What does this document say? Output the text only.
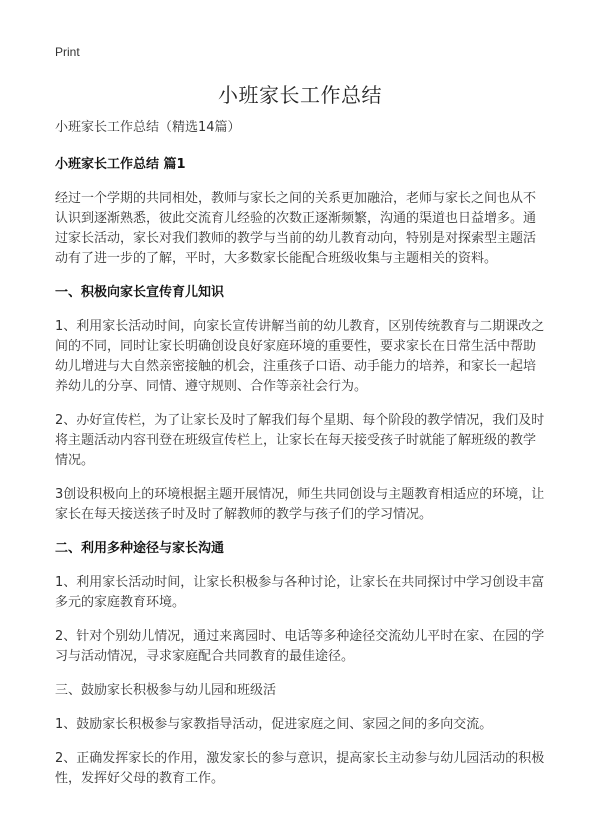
Print
小班家长工作总结

小班家长工作总结（精选14篇）

小班家长工作总结 篇1

经过一个学期的共同相处，教师与家长之间的关系更加融洽，老师与家长之间也从不认识到逐渐熟悉，彼此交流育儿经验的次数正逐渐频繁，沟通的渠道也日益增多。通过家长活动，家长对我们教师的教学与当前的幼儿教育动向，特别是对探索型主题活动有了进一步的了解，平时，大多数家长能配合班级收集与主题相关的资料。

一、积极向家长宣传育儿知识

1、利用家长活动时间，向家长宣传讲解当前的幼儿教育，区别传统教育与二期课改之间的不同，同时让家长明确创设良好家庭环境的重要性，要求家长在日常生活中帮助幼儿增进与大自然亲密接触的机会，注重孩子口语、动手能力的培养，和家长一起培养幼儿的分享、同情、遵守规则、合作等亲社会行为。

2、办好宣传栏，为了让家长及时了解我们每个星期、每个阶段的教学情况，我们及时将主题活动内容刊登在班级宣传栏上，让家长在每天接受孩子时就能了解班级的教学情况。

3创设积极向上的环境根据主题开展情况，师生共同创设与主题教育相适应的环境，让家长在每天接送孩子时及时了解教师的教学与孩子们的学习情况。

二、利用多种途径与家长沟通

1、利用家长活动时间，让家长积极参与各种讨论，让家长在共同探讨中学习创设丰富多元的家庭教育环境。

2、针对个别幼儿情况，通过来离园时、电话等多种途径交流幼儿平时在家、在园的学习与活动情况，寻求家庭配合共同教育的最佳途径。

三、鼓励家长积极参与幼儿园和班级活

1、鼓励家长积极参与家教指导活动，促进家庭之间、家园之间的多向交流。

2、正确发挥家长的作用，激发家长的参与意识，提高家长主动参与幼儿园活动的积极性，发挥好父母的教育工作。
